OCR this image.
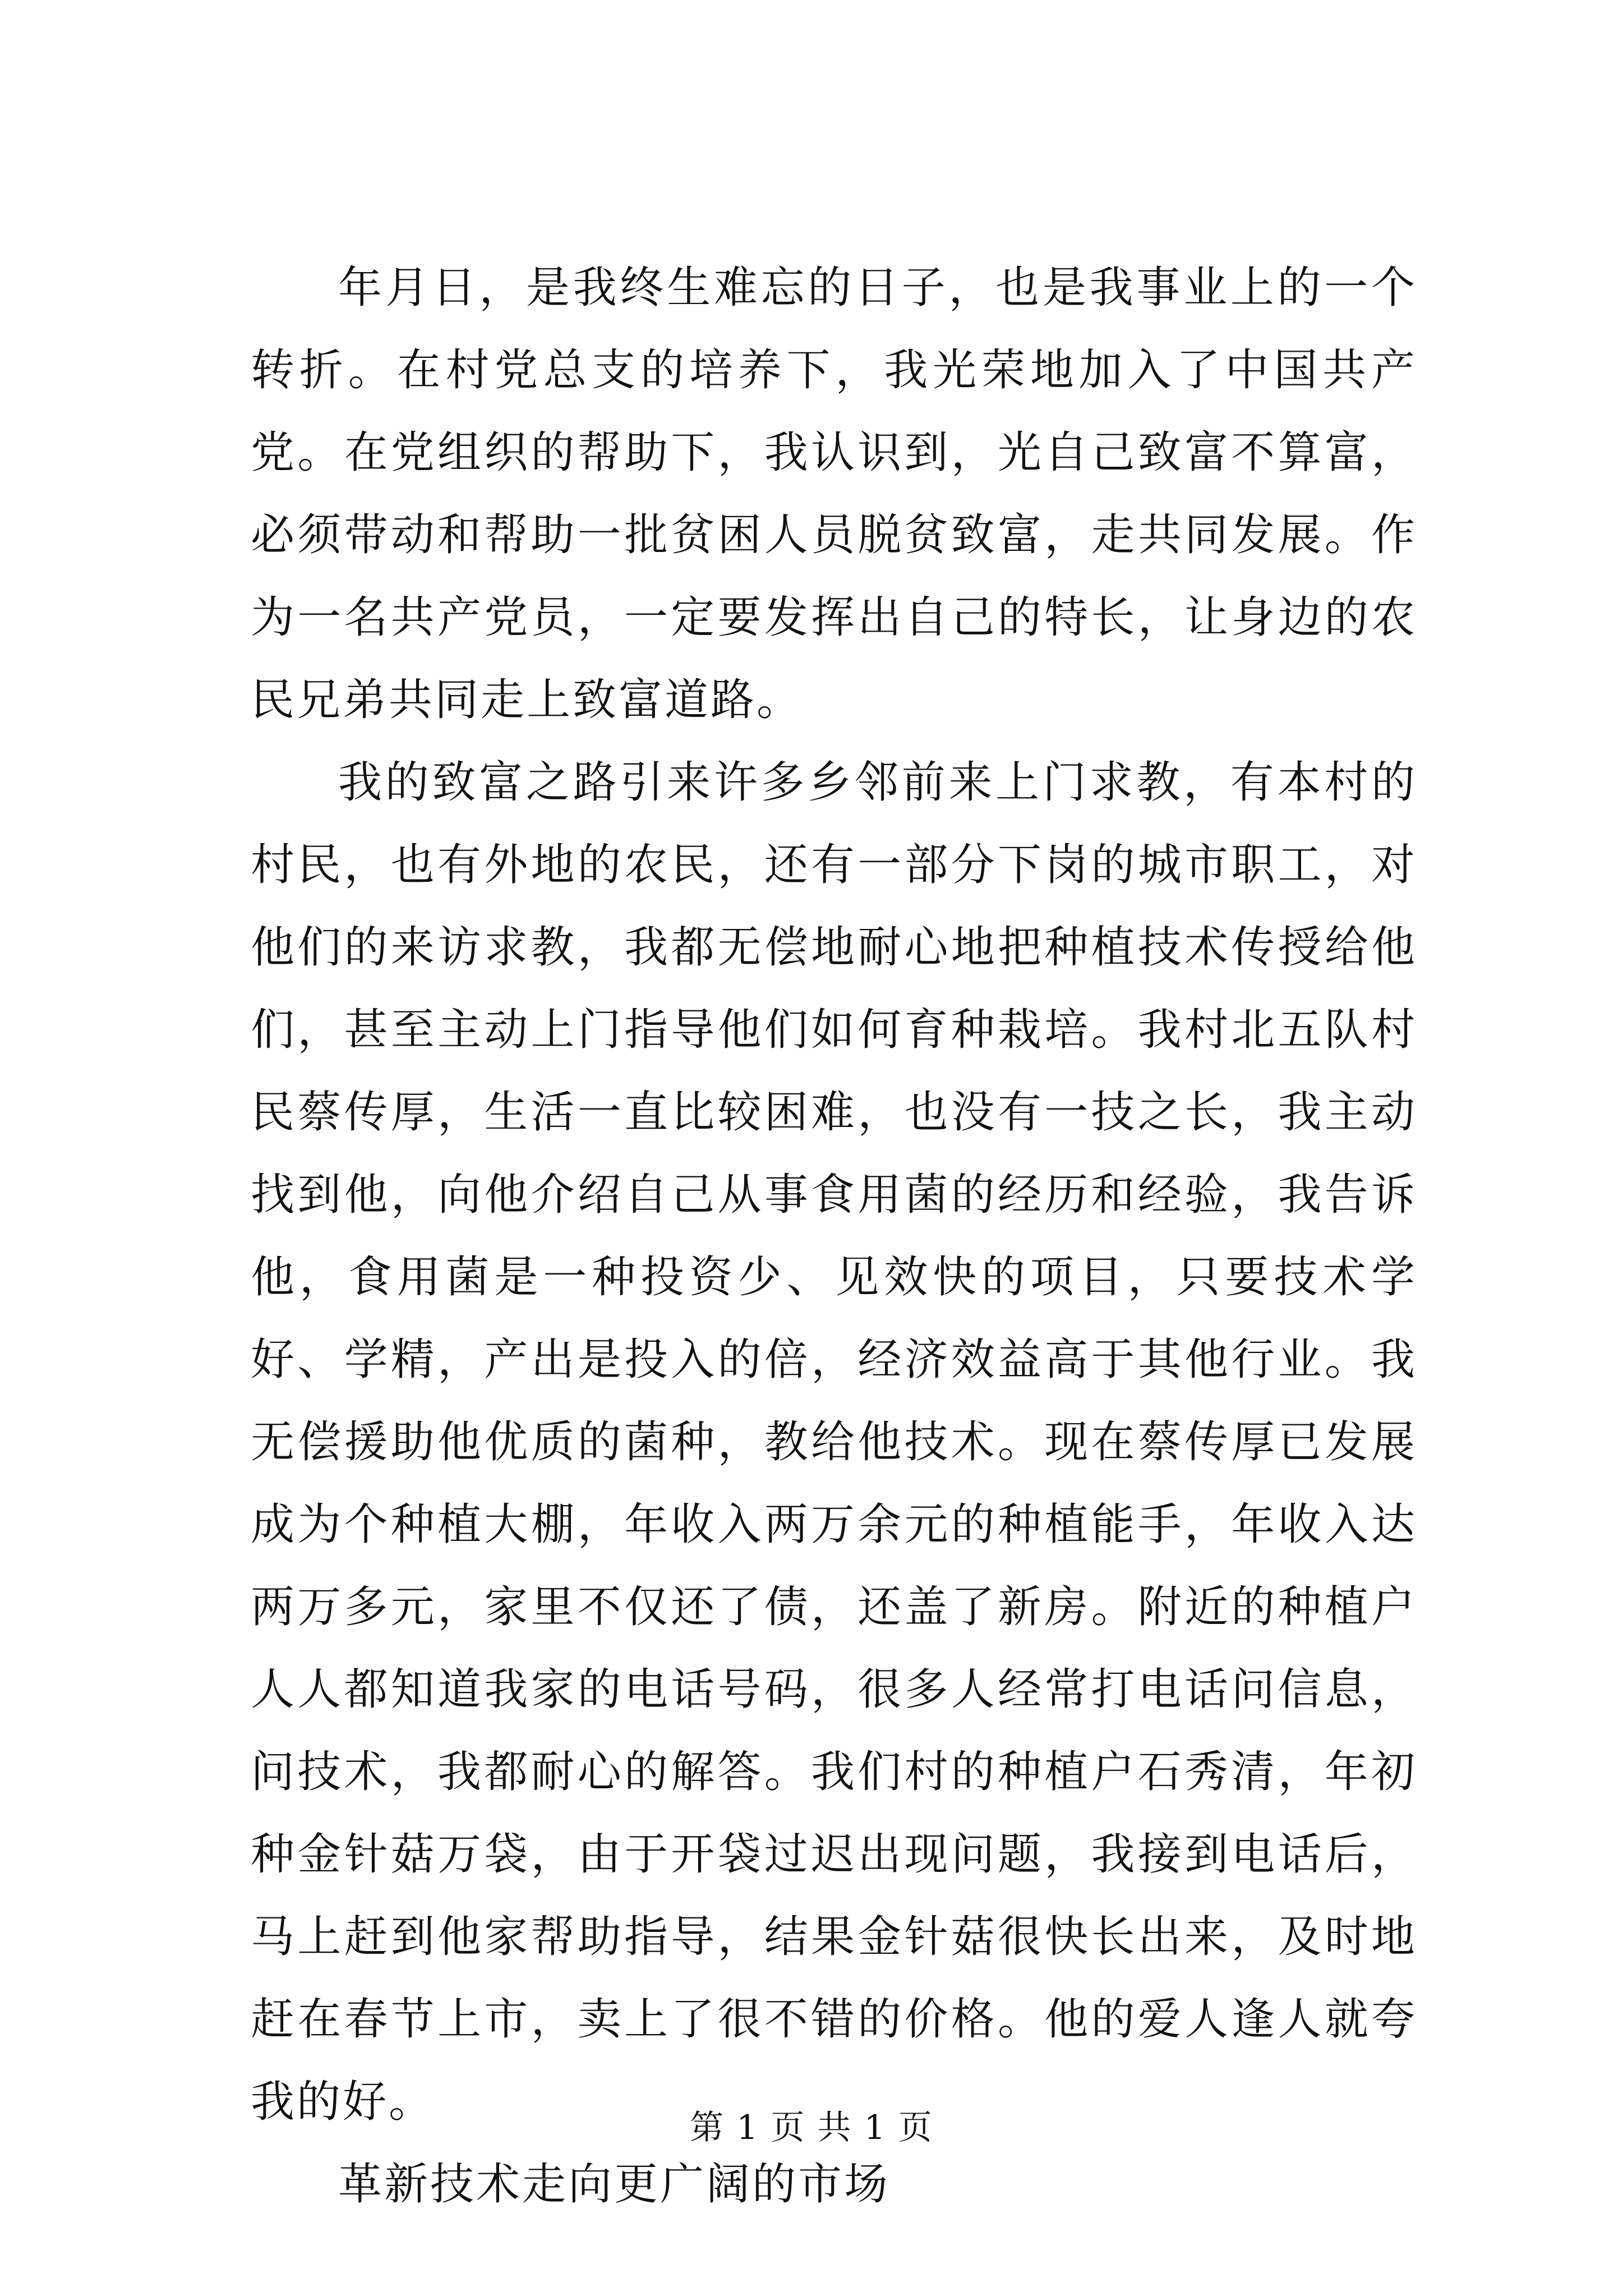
年月日，是我终生难忘的日子，也是我事业上的一个转折。在村党总支的培养下，我光荣地加入了中国共产党。在党组织的帮助下，我认识到，光自己致富不算富，必须带动和帮助一批贫困人员脱贫致富，走共同发展。作为一名共产党员，一定要发挥出自己的特长，让身边的农民兄弟共同走上致富道路。

我的致富之路引来许多乡邻前来上门求教，有本村的村民，也有外地的农民，还有一部分下岗的城市职工，对他们的来访求教，我都无偿地耐心地把种植技术传授给他们，甚至主动上门指导他们如何育种栽培。我村北五队村民蔡传厚，生活一直比较困难，也没有一技之长，我主动找到他，向他介绍自己从事食用菌的经历和经验，我告诉他，食用菌是一种投资少、见效快的项目，只要技术学好、学精，产出是投入的倍，经济效益高于其他行业。我无偿援助他优质的菌种，教给他技术。现在蔡传厚已发展成为个种植大棚，年收入两万余元的种植能手，年收入达两万多元，家里不仅还了债，还盖了新房。附近的种植户人人都知道我家的电话号码，很多人经常打电话问信息，问技术，我都耐心的解答。我们村的种植户石秀清，年初种金针菇万袋，由于开袋过迟出现问题，我接到电话后，马上赶到他家帮助指导，结果金针菇很快长出来，及时地赶在春节上市，卖上了很不错的价格。他的爱人逢人就夸我的好。

革新技术走向更广阔的市场

第 1 页 共 1 页
